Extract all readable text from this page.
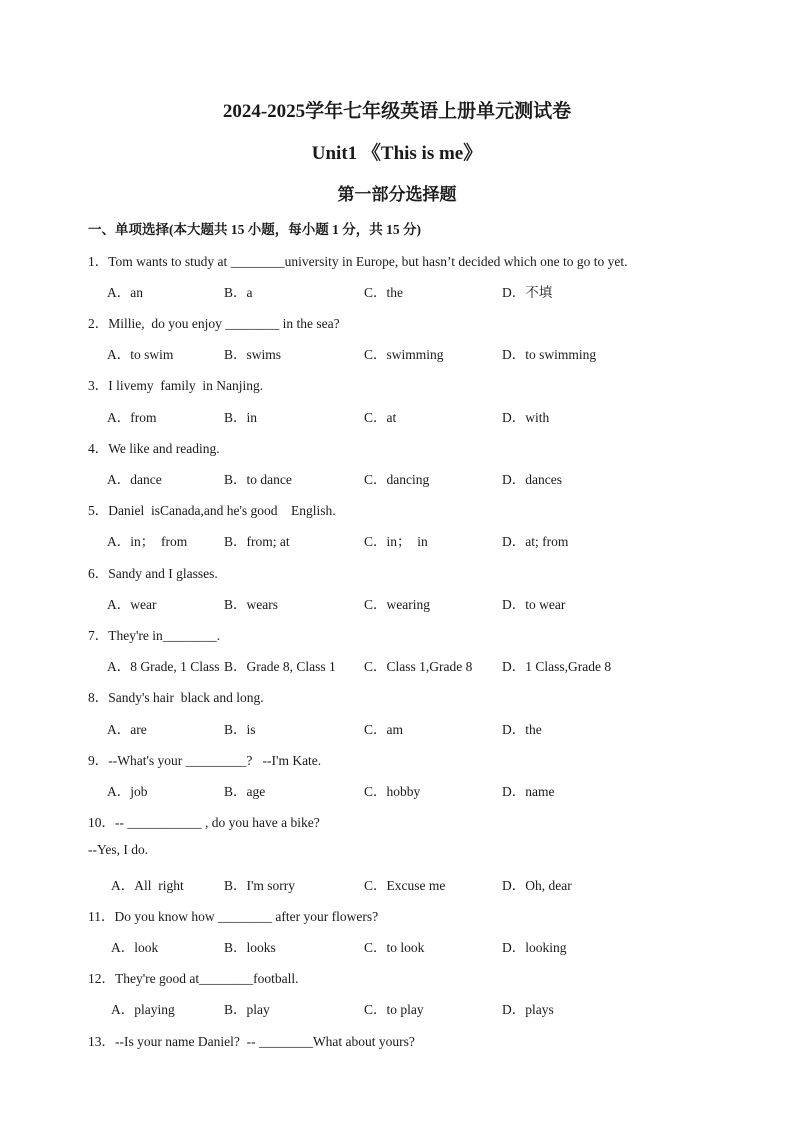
2024-2025学年七年级英语上册单元测试卷
Unit1 《This is me》
第一部分选择题
一、单项选择(本大题共 15 小题，每小题 1 分，共 15 分)
1．Tom wants to study at ________university in Europe, but hasn’t decided which one to go to yet.
A．an	B．a	C．the	D．不填
2．Millie,  do you enjoy ________ in the sea?
A．to swim	B．swims	C．swimming	D．to swimming
3．I livemy  family  in Nanjing.
A．from	B．in	C．at	D．with
4．We like and reading.
A．dance	B．to dance	C．dancing	D．dances
5．Daniel  isCanada,and he's good    English.
A．in；  from	B．from; at	C．in；  in	D．at; from
6．Sandy and I glasses.
A．wear	B．wears	C．wearing	D．to wear
7．They're in________.
A．8 Grade, 1 Class B．Grade 8, Class 1 C．Class 1,Grade 8 D．1 Class,Grade 8
8．Sandy's hair  black and long.
A．are	B．is	C．am	D．the
9．--What's your _________?   --I'm Kate.
A．job	B．age	C．hobby	D．name
10．-- ___________ , do you have a bike?
--Yes, I do.
A．All  right	B．I'm sorry	C．Excuse me	D．Oh, dear
11．Do you know how ________ after your flowers?
A．look	B．looks	C．to look	D．looking
12．They're good at________football.
A．playing	B．play	C．to play	D．plays
13．--Is your name Daniel?  -- ________What about yours?
